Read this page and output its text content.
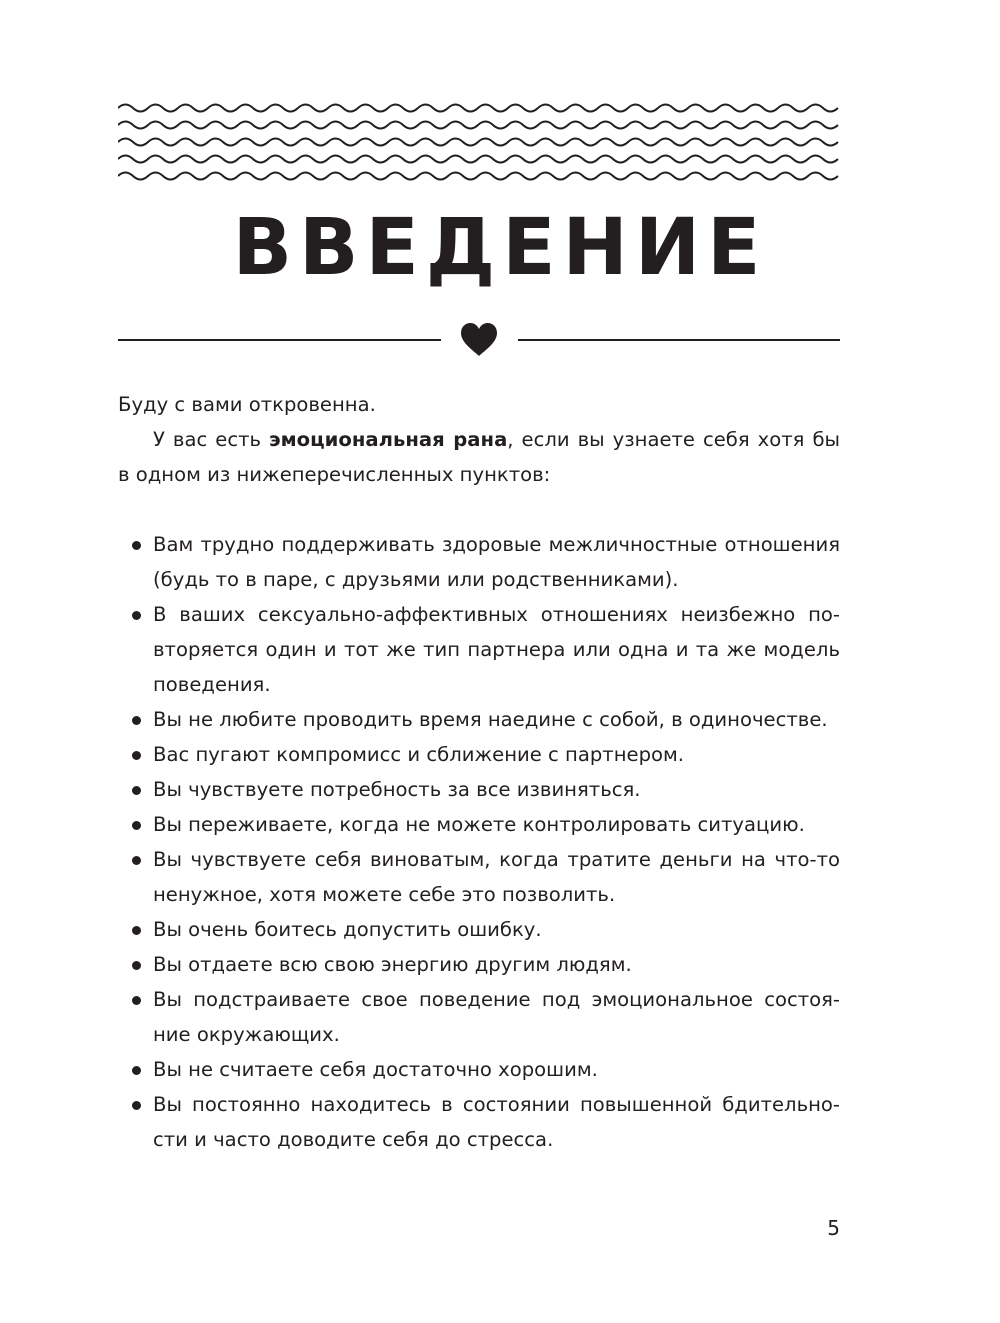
ВВЕДЕНИЕ
Буду с вами откровенна.
У вас есть эмоциональная рана, если вы узнаете себя хотя бы в одном из нижеперечисленных пунктов:
Вам трудно поддерживать здоровые межличностные отношения (будь то в паре, с друзьями или родственниками).
В ваших сексуально-аффективных отношениях неизбежно по-вторяется один и тот же тип партнера или одна и та же модель поведения.
Вы не любите проводить время наедине с собой, в одиночестве.
Вас пугают компромисс и сближение с партнером.
Вы чувствуете потребность за все извиняться.
Вы переживаете, когда не можете контролировать ситуацию.
Вы чувствуете себя виноватым, когда тратите деньги на что-то ненужное, хотя можете себе это позволить.
Вы очень боитесь допустить ошибку.
Вы отдаете всю свою энергию другим людям.
Вы подстраиваете свое поведение под эмоциональное состоя-ние окружающих.
Вы не считаете себя достаточно хорошим.
Вы постоянно находитесь в состоянии повышенной бдительно-сти и часто доводите себя до стресса.
5
